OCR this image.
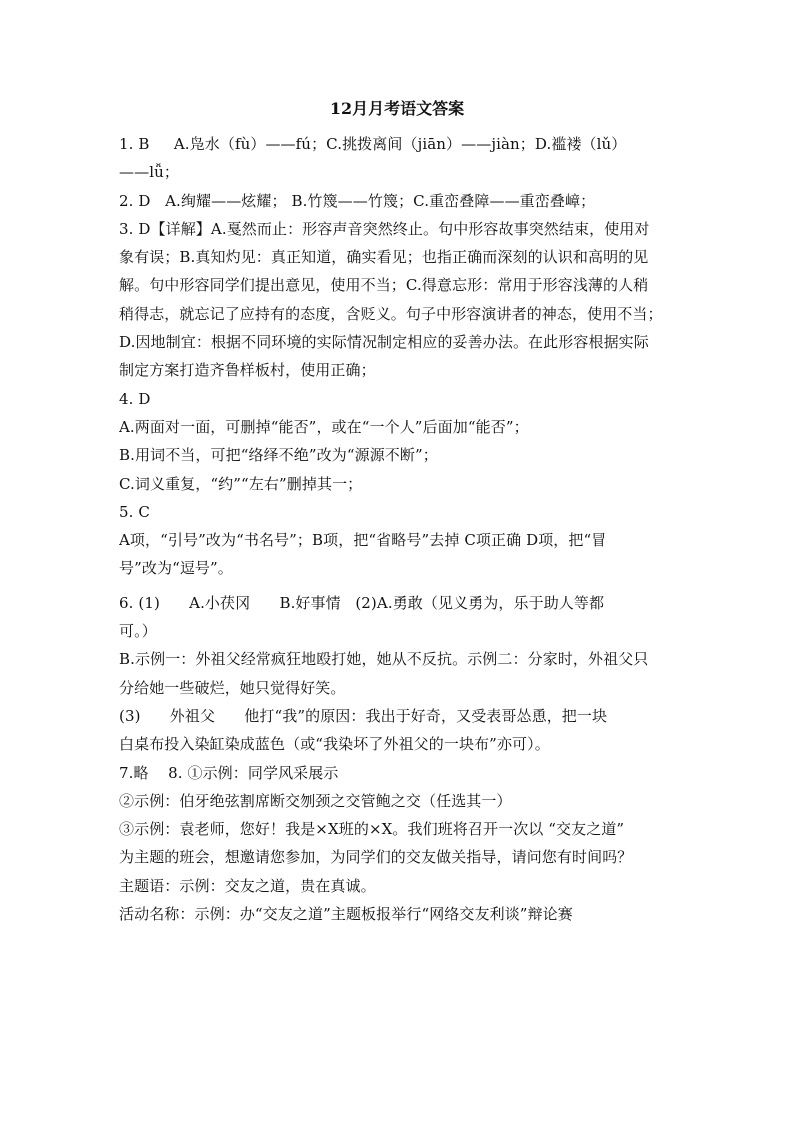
12月月考语文答案
1. B     A.凫水（fù）——fú；C.挑拨离间（jiān）——jiàn；D.褴褛（lǔ）
——lǚ；
2. D   A.绚耀——炫耀； B.竹篾——竹篾；C.重峦叠障——重峦叠嶂；
3. D【详解】A.戛然而止：形容声音突然终止。句中形容故事突然结束，使用对
象有误；B.真知灼见：真正知道，确实看见；也指正确而深刻的认识和高明的见
解。句中形容同学们提出意见，使用不当；C.得意忘形：常用于形容浅薄的人稍
稍得志，就忘记了应持有的态度，含贬义。句子中形容演讲者的神态，使用不当；
D.因地制宜：根据不同环境的实际情况制定相应的妥善办法。在此形容根据实际
制定方案打造齐鲁样板村，使用正确；
4. D
A.两面对一面，可删掉“能否”，或在“一个人”后面加“能否”；
B.用词不当，可把“络绎不绝”改为“源源不断”；
C.词义重复，“约”“左右”删掉其一；
5. C
A项，“引号”改为“书名号”；B项，把“省略号”去掉 C项正确 D项，把“冒
号”改为“逗号”。
6. (1)      A.小茯冈      B.好事情   (2)A.勇敢（见义勇为，乐于助人等都
可。）
B.示例一：外祖父经常疯狂地殴打她，她从不反抗。示例二：分家时，外祖父只
分给她一些破烂，她只觉得好笑。
(3)      外祖父      他打“我”的原因：我出于好奇，又受表哥怂恿，把一块
白桌布投入染缸染成蓝色（或“我染坏了外祖父的一块布”亦可）。
7.略    8. ①示例：同学风采展示
②示例：伯牙绝弦割席断交刎颈之交管鲍之交（任选其一）
③示例：袁老师，您好！我是×X班的×X。我们班将召开一次以 “交友之道”
为主题的班会，想邀请您参加，为同学们的交友做关指导，请问您有时间吗？
主题语：示例：交友之道，贵在真诚。
活动名称：示例：办“交友之道”主题板报举行“网络交友利谈”辩论赛
